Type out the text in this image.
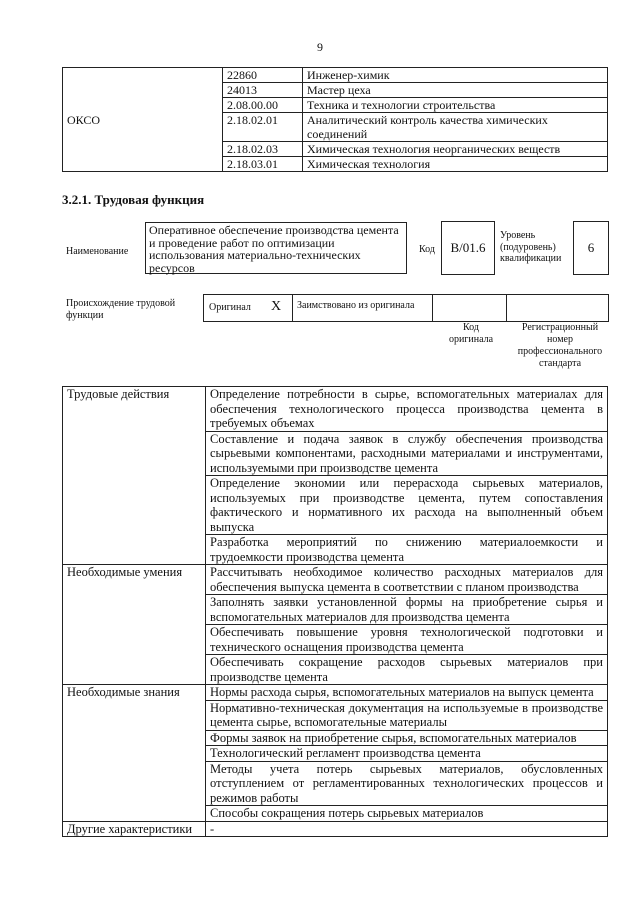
9
ОКСО	22860	Инженер-химик
	24013	Мастер цеха
	2.08.00.00	Техника и технологии строительства
	2.18.02.01	Аналитический контроль качества химических соединений
	2.18.02.03	Химическая технология неорганических веществ
	2.18.03.01	Химическая технология
3.2.1. Трудовая функция
Наименование
Оперативное обеспечение производства цемента и проведение работ по оптимизации использования материально-технических ресурсов
Код	B/01.6
Уровень (подуровень) квалификации
6
Происхождение трудовой функции
Оригинал X Заимствовано из оригинала
Код оригинала
Регистрационный номер профессионального стандарта
Трудовые действия	Определение потребности в сырье, вспомогательных материалах для обеспечения технологического процесса производства цемента в требуемых объемах
	Составление и подача заявок в службу обеспечения производства сырьевыми компонентами, расходными материалами и инструментами, используемыми при производстве цемента
	Определение экономии или перерасхода сырьевых материалов, используемых при производстве цемента, путем сопоставления фактического и нормативного их расхода на выполненный объем выпуска
	Разработка мероприятий по снижению материалоемкости и трудоемкости производства цемента
Необходимые умения	Рассчитывать необходимое количество расходных материалов для обеспечения выпуска цемента в соответствии с планом производства
	Заполнять заявки установленной формы на приобретение сырья и вспомогательных материалов для производства цемента
	Обеспечивать повышение уровня технологической подготовки и технического оснащения производства цемента
	Обеспечивать сокращение расходов сырьевых материалов при производстве цемента
Необходимые знания	Нормы расхода сырья, вспомогательных материалов на выпуск цемента
	Нормативно-техническая документация на используемые в производстве цемента сырье, вспомогательные материалы
	Формы заявок на приобретение сырья, вспомогательных материалов
	Технологический регламент производства цемента
	Методы учета потерь сырьевых материалов, обусловленных отступлением от регламентированных технологических процессов и режимов работы
	Способы сокращения потерь сырьевых материалов
Другие характеристики	-
